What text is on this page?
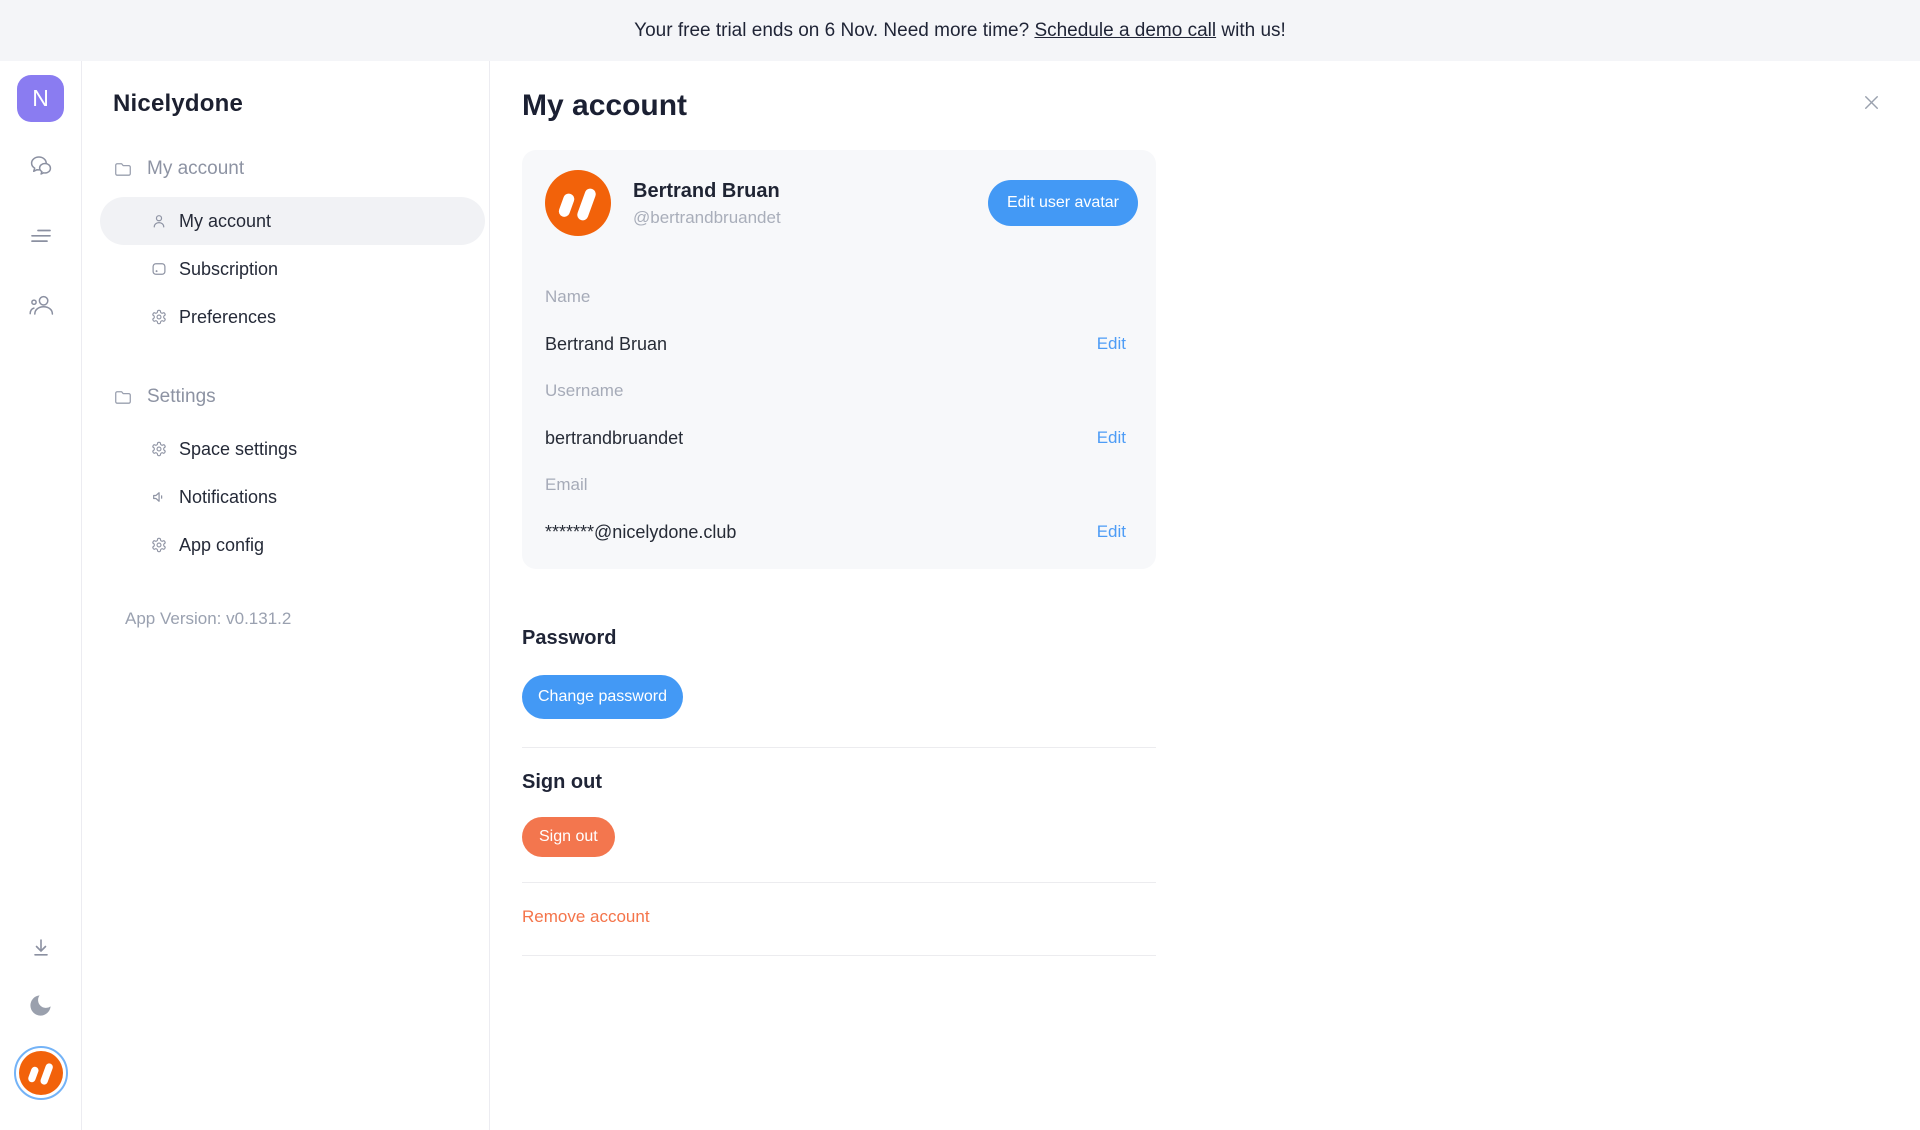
Your free trial ends on 6 Nov. Need more time? Schedule a demo call with us!
N	Nicelydone
My account
My account
Subscription
Preferences
Settings
Space settings
Notifications
App config
App Version: v0.131.2
My account
Bertrand Bruan
@bertrandbruandet
Edit user avatar
Name
Bertrand Bruan	Edit
Username
bertrandbruandet	Edit
Email
*******@nicelydone.club	Edit
Password
Change password
Sign out
Sign out
Remove account
